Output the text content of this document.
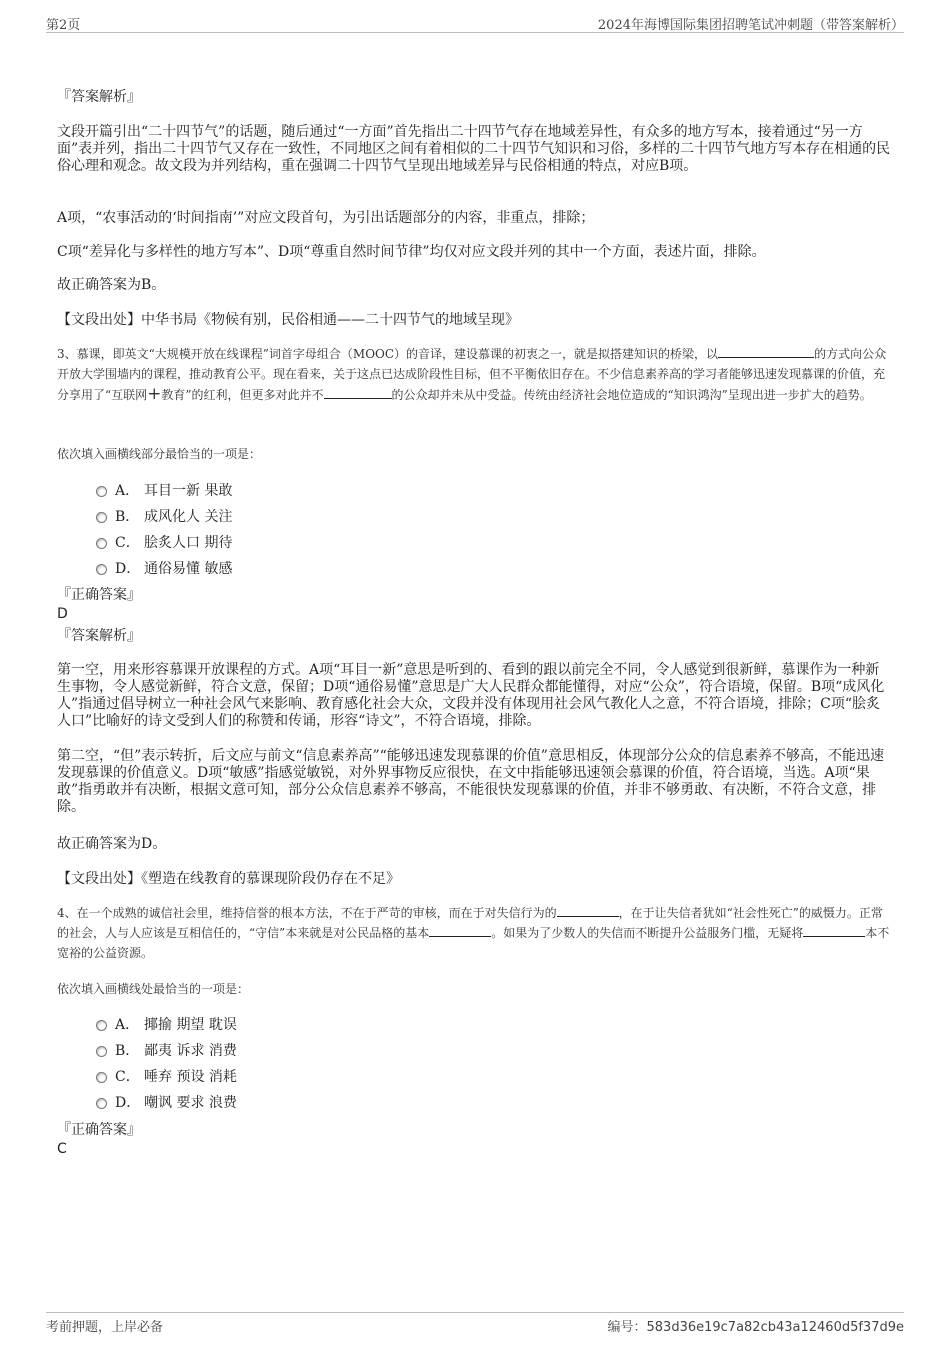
第2页	2024年海博国际集团招聘笔试冲刺题（带答案解析）

『答案解析』

文段开篇引出“二十四节气”的话题，随后通过“一方面”首先指出二十四节气存在地域差异性，有众多的地方写本，接着通过“另一方面”表并列，指出二十四节气又存在一致性，不同地区之间有着相似的二十四节气知识和习俗，多样的二十四节气地方写本存在相通的民俗心理和观念。故文段为并列结构，重在强调二十四节气呈现出地域差异与民俗相通的特点，对应B项。

A项，“农事活动的‘时间指南’”对应文段首句，为引出话题部分的内容，非重点，排除；

C项“差异化与多样性的地方写本”、D项“尊重自然时间节律”均仅对应文段并列的其中一个方面，表述片面，排除。

故正确答案为B。

【文段出处】中华书局《物候有别，民俗相通——二十四节气的地域呈现》

3、慕课，即英文“大规模开放在线课程”词首字母组合（MOOC）的音译，建设慕课的初衷之一，就是拟搭建知识的桥梁，以	的方式向公众开放大学围墙内的课程，推动教育公平。现在看来，关于这点已达成阶段性目标，但不平衡依旧存在。不少信息素养高的学习者能够迅速发现慕课的价值，充分享用了“互联网+教育”的红利，但更多对此并不	的公众却并未从中受益。传统由经济社会地位造成的“知识鸿沟”呈现出进一步扩大的趋势。

依次填入画横线部分最恰当的一项是：

A． 耳目一新 果敢
B． 成风化人 关注
C． 脍炙人口 期待
D． 通俗易懂 敏感

『正确答案』

D

『答案解析』

第一空，用来形容慕课开放课程的方式。A项“耳目一新”意思是听到的、看到的跟以前完全不同，令人感觉到很新鲜，慕课作为一种新生事物，令人感觉新鲜，符合文意，保留；D项“通俗易懂”意思是广大人民群众都能懂得，对应“公众”，符合语境，保留。B项“成风化人”指通过倡导树立一种社会风气来影响、教育感化社会大众，文段并没有体现用社会风气教化人之意，不符合语境，排除；C项“脍炙人口”比喻好的诗文受到人们的称赞和传诵，形容“诗文”，不符合语境，排除。

第二空，“但”表示转折，后文应与前文“信息素养高”“能够迅速发现慕课的价值”意思相反，体现部分公众的信息素养不够高，不能迅速发现慕课的价值意义。D项“敏感”指感觉敏锐，对外界事物反应很快，在文中指能够迅速领会慕课的价值，符合语境，当选。A项“果敢”指勇敢并有决断，根据文意可知，部分公众信息素养不够高，不能很快发现慕课的价值，并非不够勇敢、有决断，不符合文意，排除。

故正确答案为D。

【文段出处】《塑造在线教育的慕课现阶段仍存在不足》

4、在一个成熟的诚信社会里，维持信誉的根本方法，不在于严苛的审核，而在于对失信行为的	，在于让失信者犹如“社会性死亡”的威慑力。正常的社会，人与人应该是互相信任的，“守信”本来就是对公民品格的基本	。如果为了少数人的失信而不断提升公益服务门槛，无疑将	本不宽裕的公益资源。

依次填入画横线处最恰当的一项是：

A． 揶揄 期望 耽误
B． 鄙夷 诉求 消费
C． 唾弃 预设 消耗
D． 嘲讽 要求 浪费

『正确答案』

C

考前押题，上岸必备	编号：583d36e19c7a82cb43a12460d5f37d9e
